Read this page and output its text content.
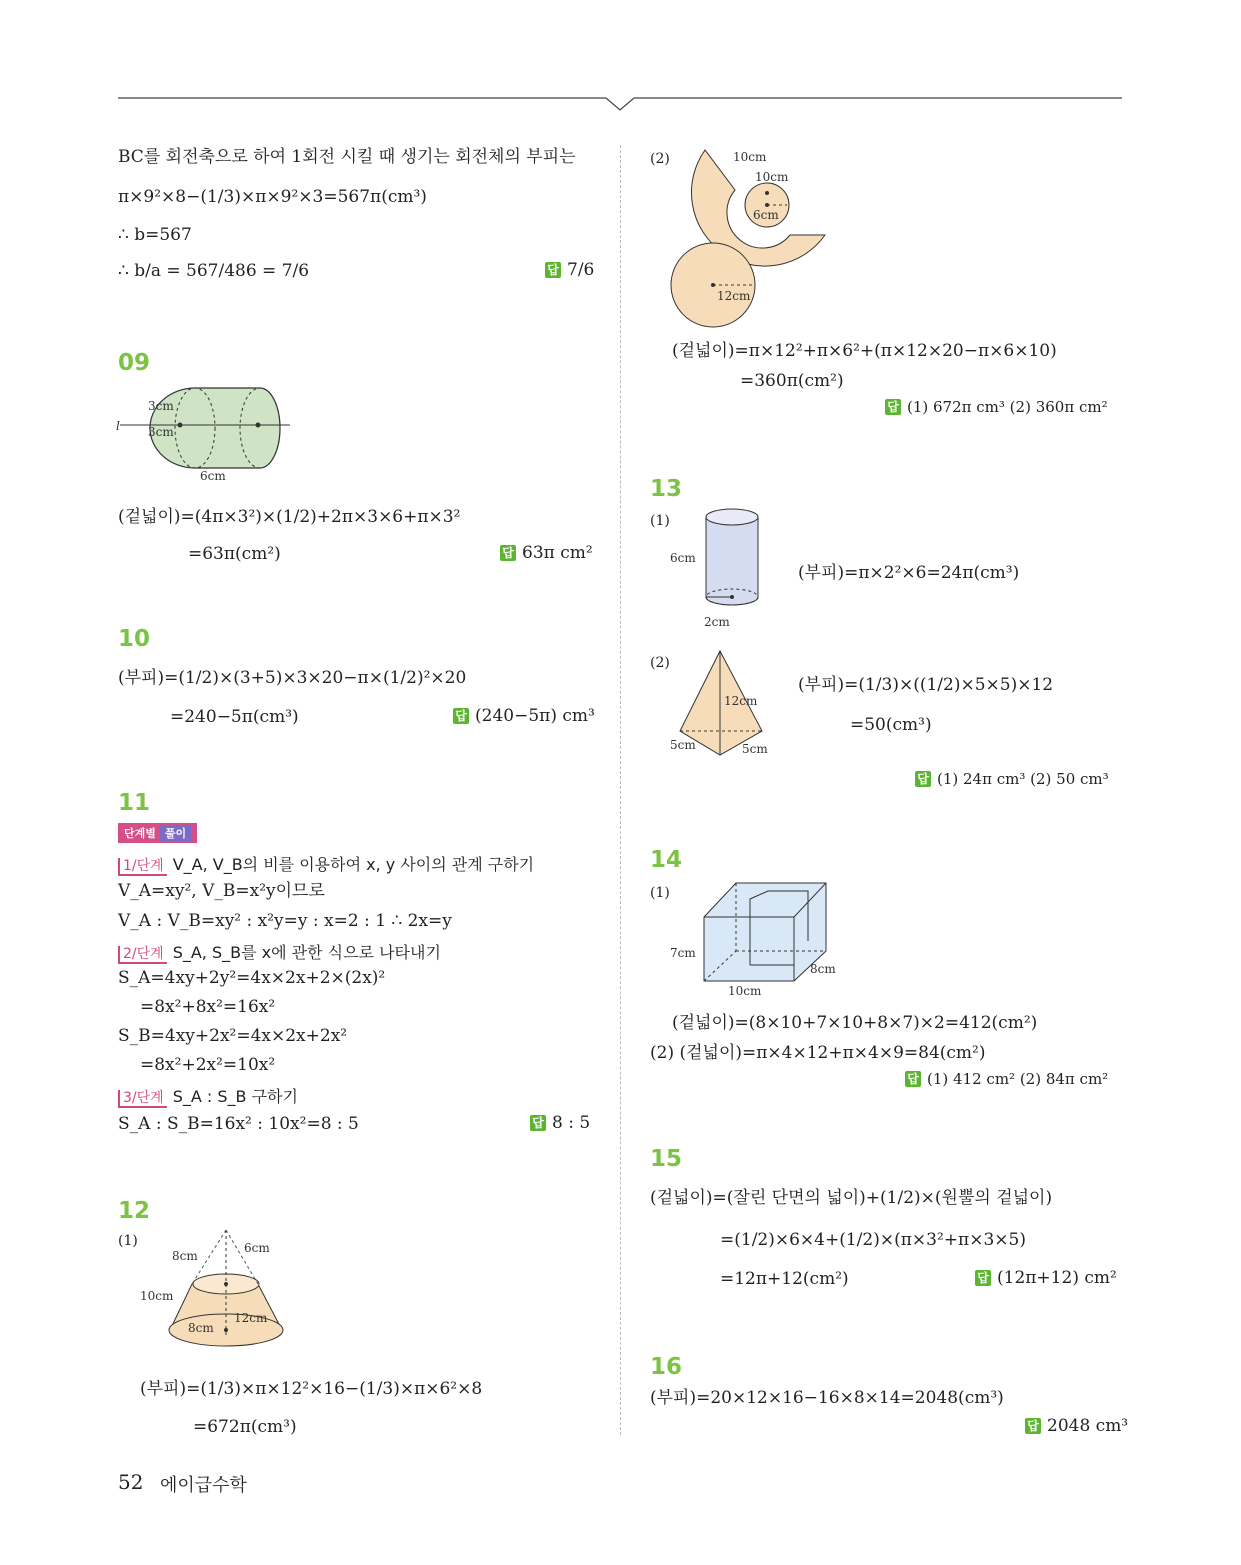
BC를 회전축으로 하여 1회전 시킬 때 생기는 회전체의 부피는
π×9²×8−(1/3)×π×9²×3=567π(cm³)
∴ b=567
∴ b/a = 567/486 = 7/6	답 7/6
09
3cm
3cm
6cm
l
(겉넓이)=(4π×3²)×(1/2)+2π×3×6+π×3²
=63π(cm²)	답 63π cm²
10
(부피)=(1/2)×(3+5)×3×20−π×(1/2)²×20
=240−5π(cm³)	답 (240−5π) cm³
11
단계별 풀이
1/단계 V_A, V_B의 비를 이용하여 x, y 사이의 관계 구하기
V_A=xy², V_B=x²y이므로
V_A : V_B=xy² : x²y=y : x=2 : 1 ∴ 2x=y
2/단계 S_A, S_B를 x에 관한 식으로 나타내기
S_A=4xy+2y²=4x×2x+2×(2x)²
=8x²+8x²=16x²
S_B=4xy+2x²=4x×2x+2x²
=8x²+2x²=10x²
3/단계 S_A : S_B 구하기
S_A : S_B=16x² : 10x²=8 : 5	답 8 : 5
12
(1)
8cm
6cm
10cm
12cm
8cm
(부피)=(1/3)×π×12²×16−(1/3)×π×6²×8
=672π(cm³)
(2)	10cm
10cm
6cm
12cm
(겉넓이)=π×12²+π×6²+(π×12×20−π×6×10)
=360π(cm²)
답 (1) 672π cm³ (2) 360π cm²
13
(1)
6cm
2cm
(부피)=π×2²×6=24π(cm³)
(2)
12cm
5cm	5cm
(부피)=(1/3)×((1/2)×5×5)×12
=50(cm³)
답 (1) 24π cm³ (2) 50 cm³
14
(1)
7cm
10cm
8cm
(겉넓이)=(8×10+7×10+8×7)×2=412(cm²)
(2) (겉넓이)=π×4×12+π×4×9=84(cm²)
답 (1) 412 cm² (2) 84π cm²
15
(겉넓이)=(잘린 단면의 넓이)+(1/2)×(원뿔의 겉넓이)
=(1/2)×6×4+(1/2)×(π×3²+π×3×5)
=12π+12(cm²)	답 (12π+12) cm²
16
(부피)=20×12×16−16×8×14=2048(cm³)
답 2048 cm³
52 에이급수학
